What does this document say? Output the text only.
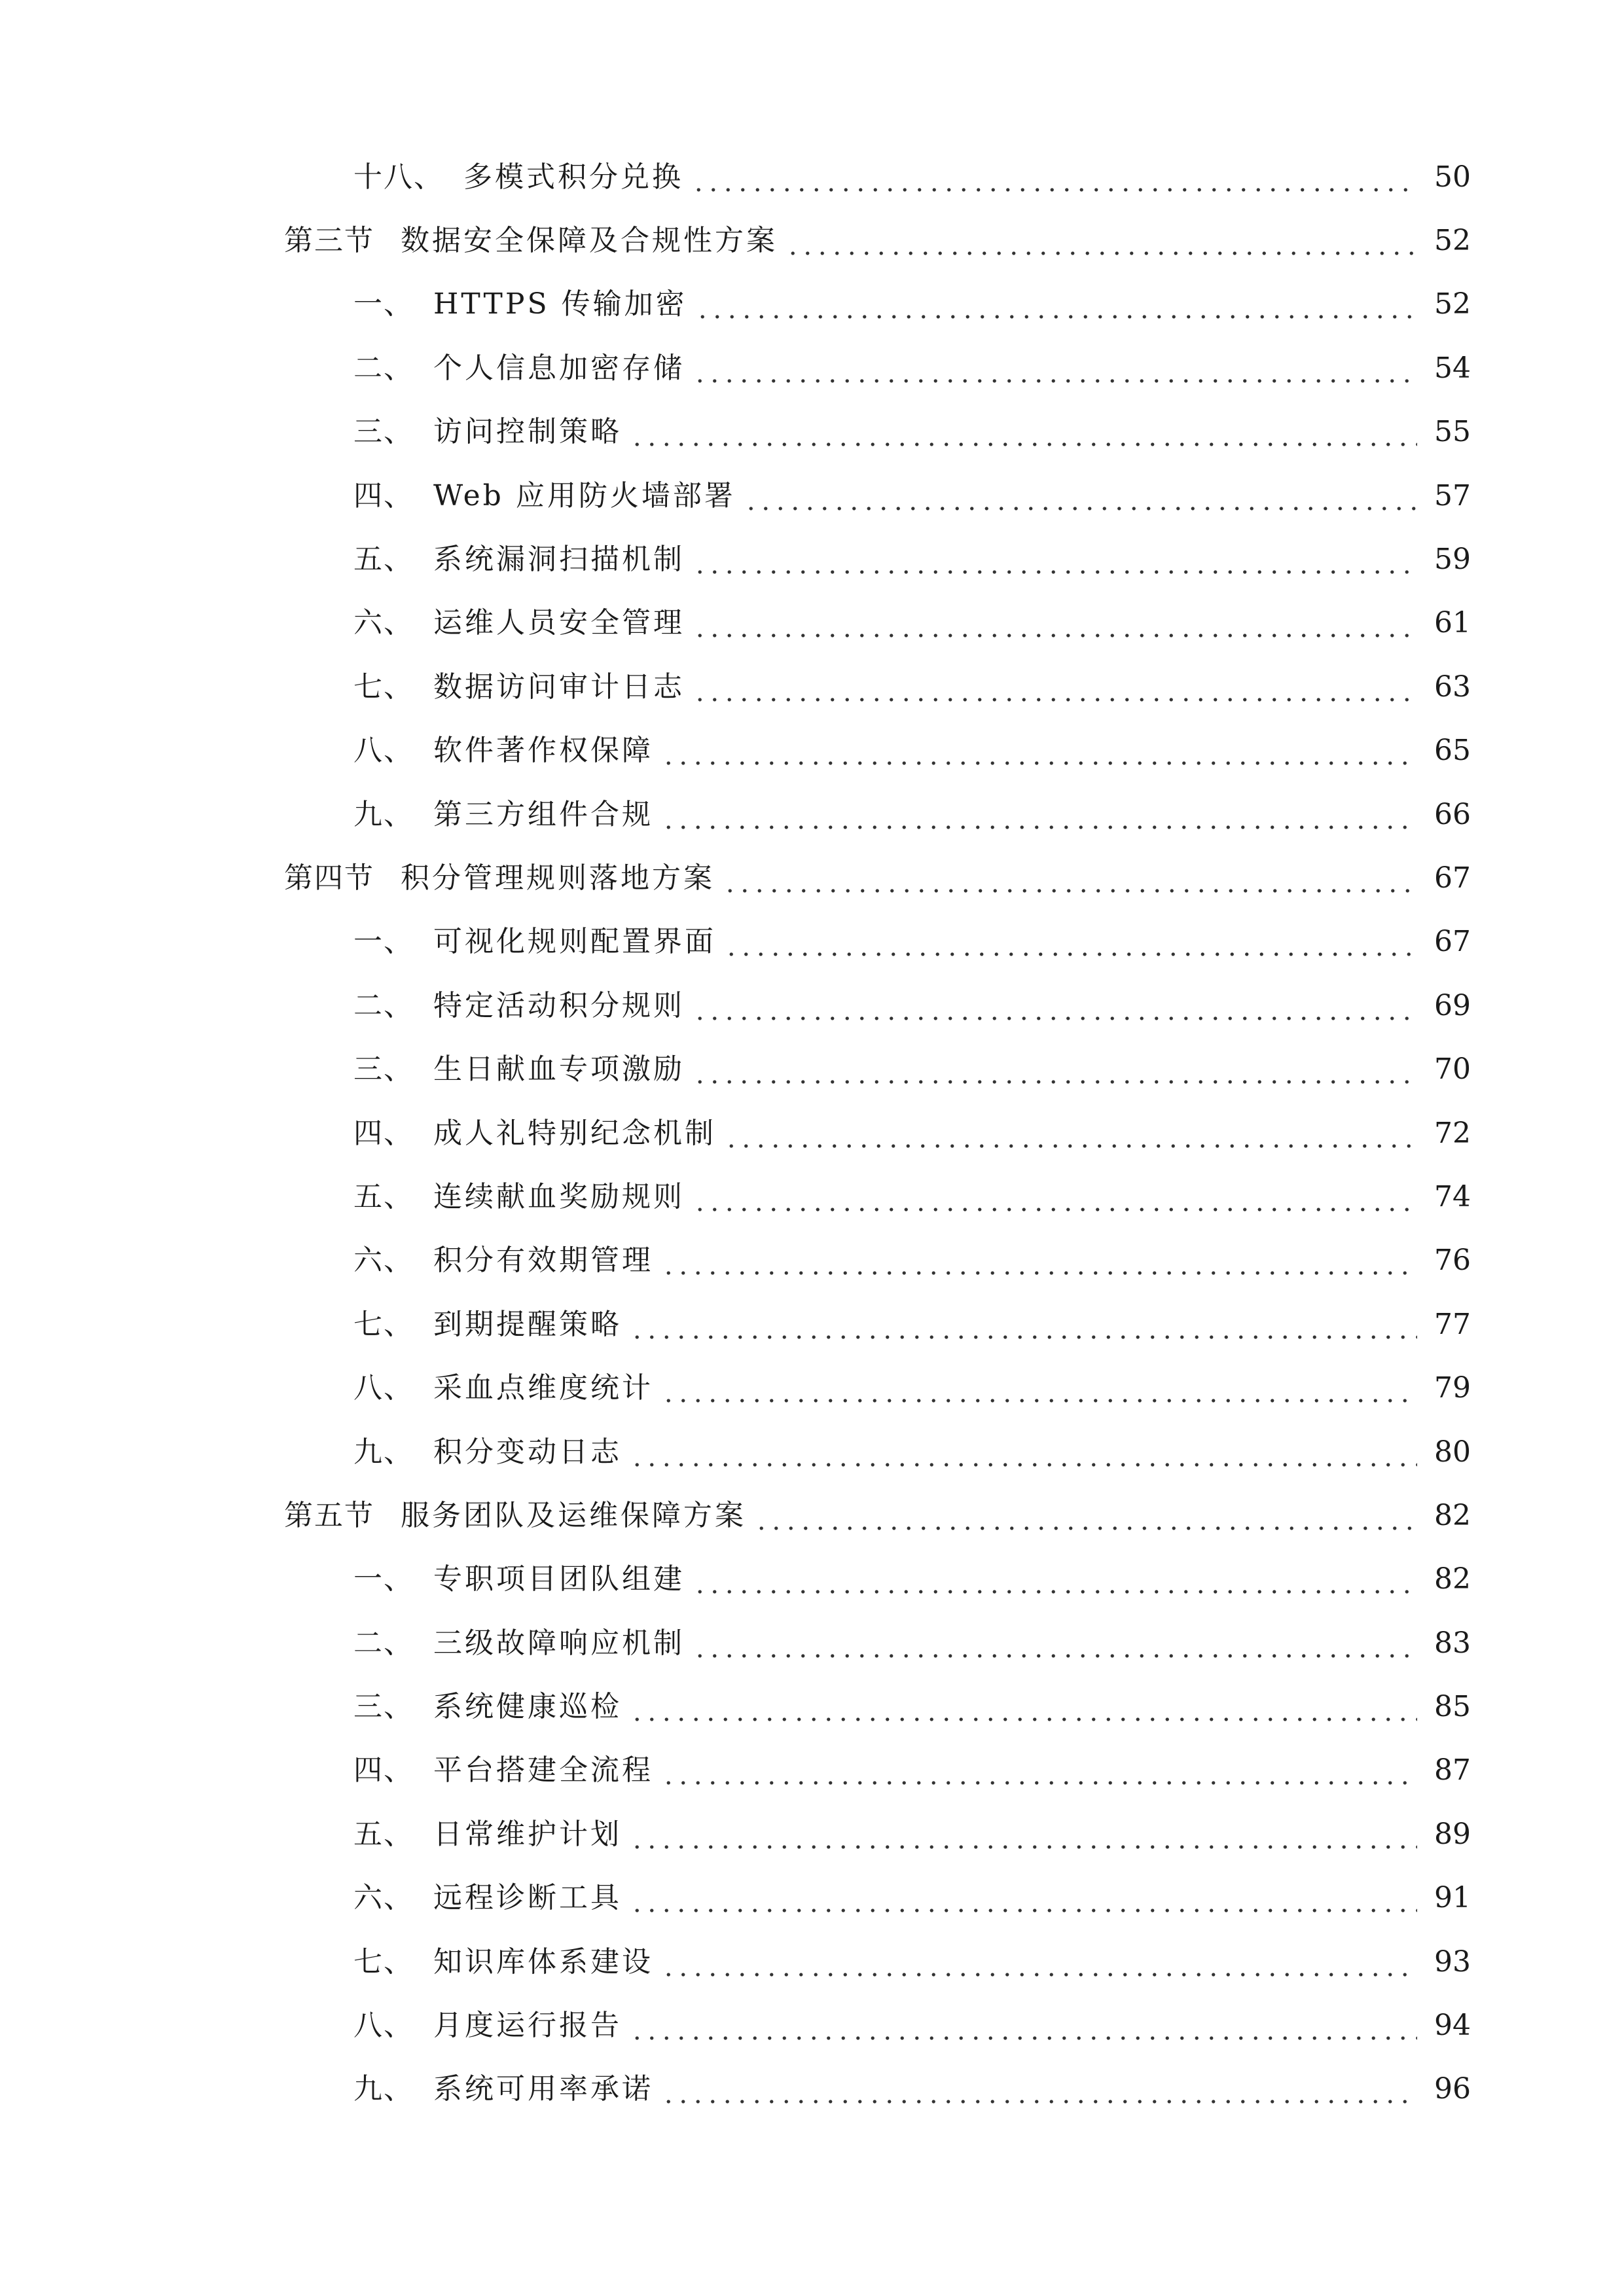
十八、 多模式积分兑换	50
第三节 数据安全保障及合规性方案	52
一、 HTTPS 传输加密	52
二、 个人信息加密存储	54
三、 访问控制策略	55
四、 Web 应用防火墙部署	57
五、 系统漏洞扫描机制	59
六、 运维人员安全管理	61
七、 数据访问审计日志	63
八、 软件著作权保障	65
九、 第三方组件合规	66
第四节 积分管理规则落地方案	67
一、 可视化规则配置界面	67
二、 特定活动积分规则	69
三、 生日献血专项激励	70
四、 成人礼特别纪念机制	72
五、 连续献血奖励规则	74
六、 积分有效期管理	76
七、 到期提醒策略	77
八、 采血点维度统计	79
九、 积分变动日志	80
第五节 服务团队及运维保障方案	82
一、 专职项目团队组建	82
二、 三级故障响应机制	83
三、 系统健康巡检	85
四、 平台搭建全流程	87
五、 日常维护计划	89
六、 远程诊断工具	91
七、 知识库体系建设	93
八、 月度运行报告	94
九、 系统可用率承诺	96
